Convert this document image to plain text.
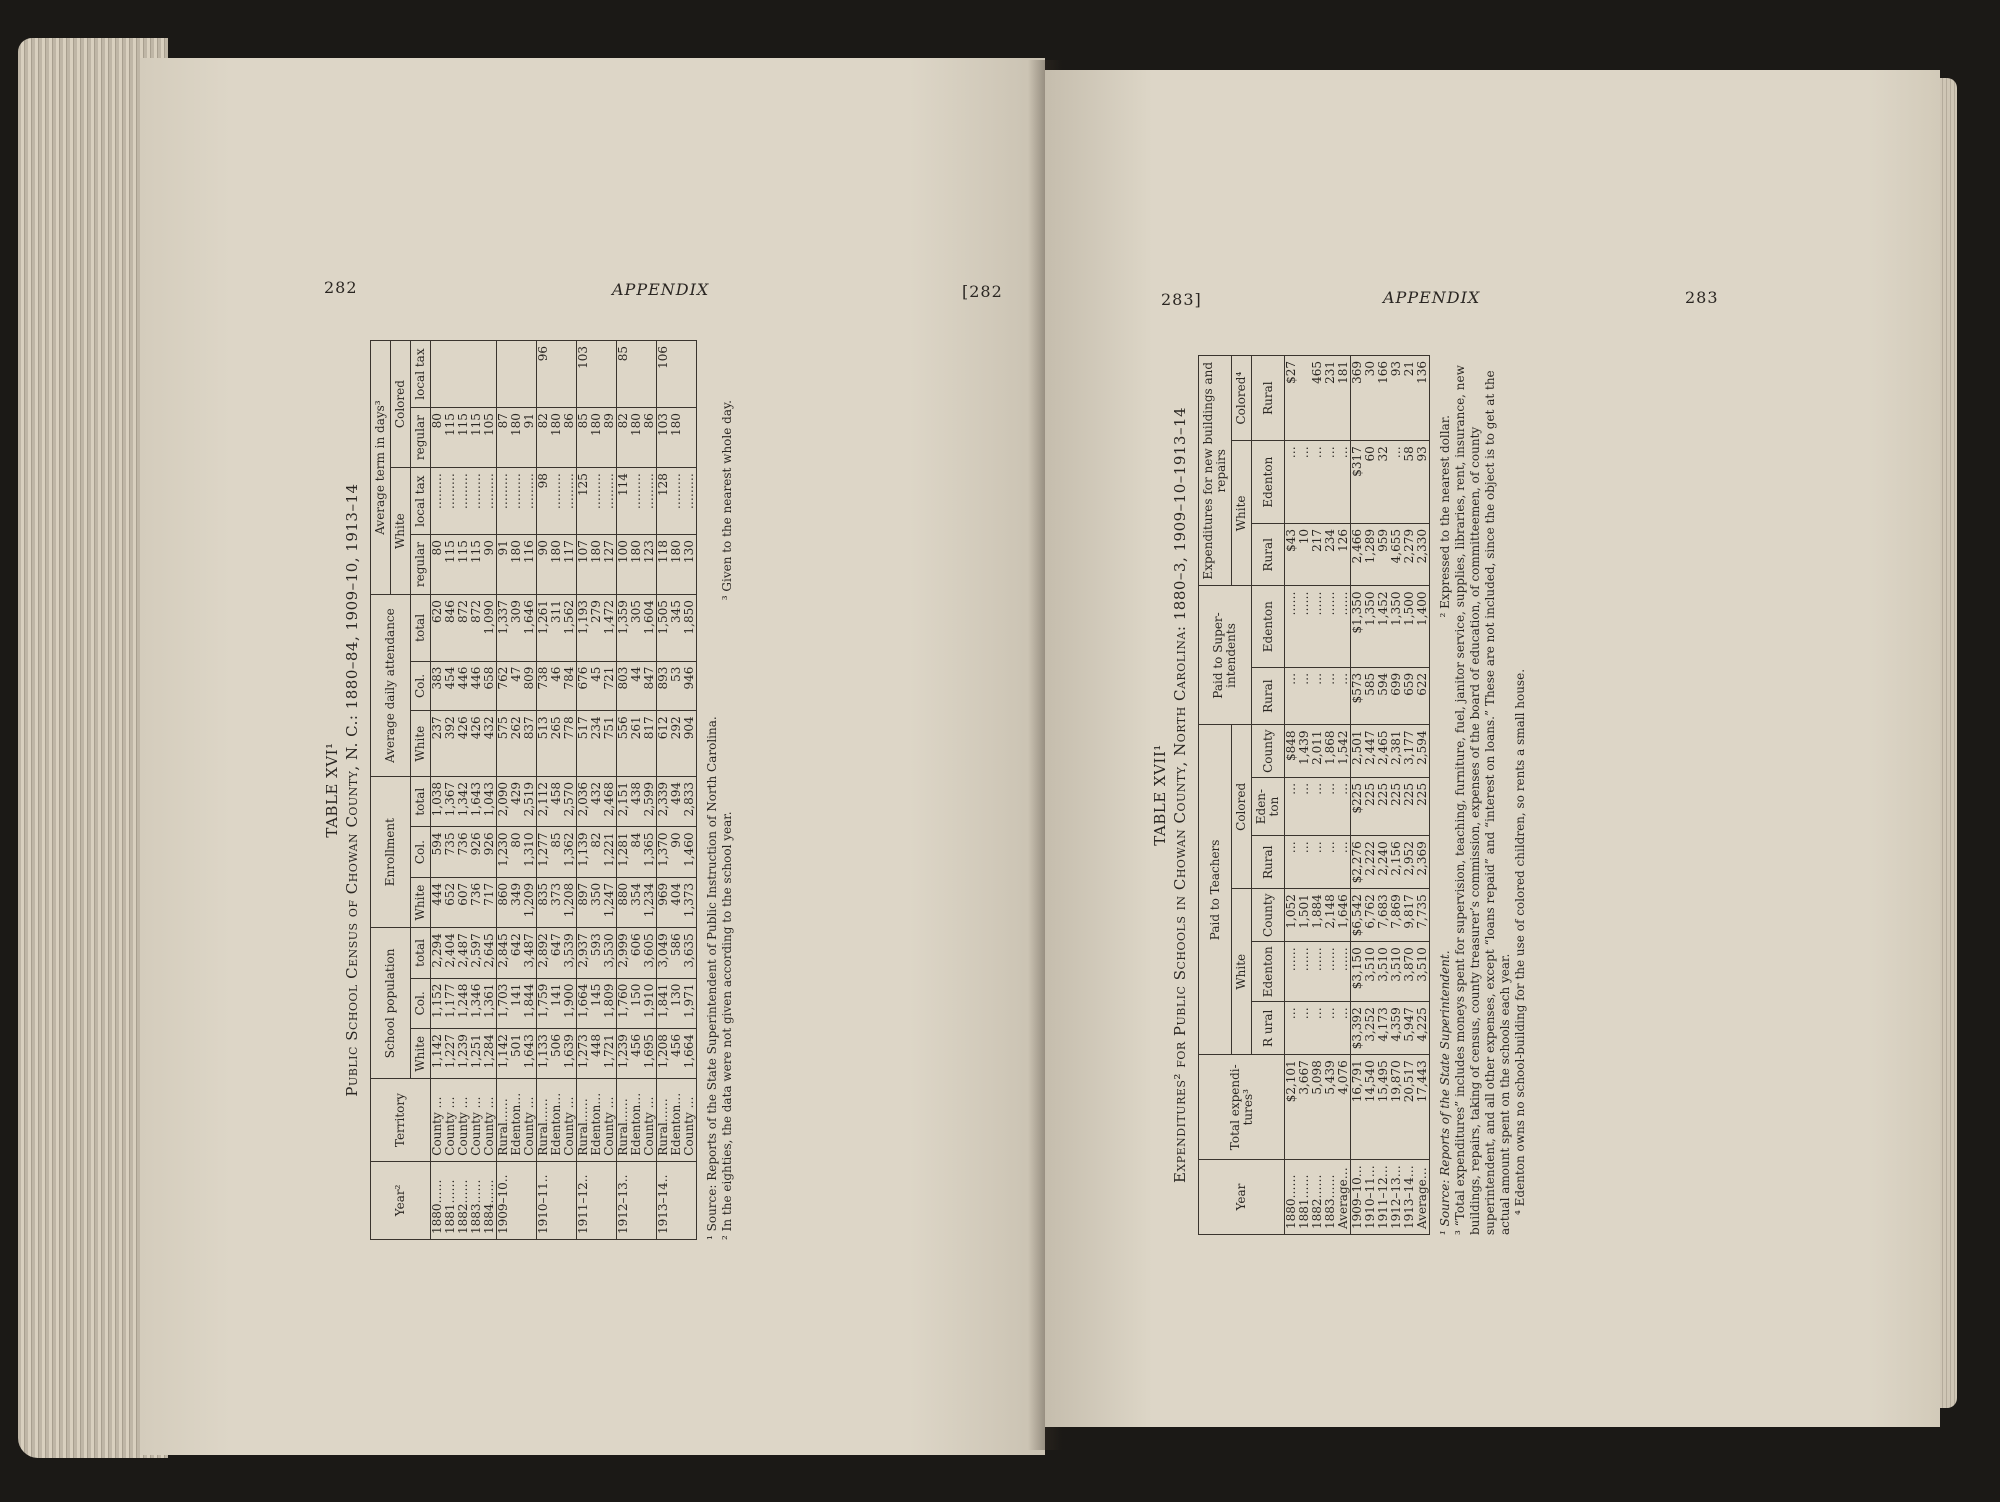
282	APPENDIX	[282
TABLE XVI¹ Public School Census of Chowan County, N. C.: 1880–84, 1909–10, 1913–14
Year²	Territory	School population			Enrollment			Average daily attendance			Average term in days³			
											White		Colored	
		White	Col.	total	White	Col.	total	White	Col.	total	regular	local tax	regular	local tax
1880……	County …	1,142	1,152	2,294	444	594	1,038	237	383	620	80	………	80	
1881……	County …	1,227	1,177	2,404	652	735	1,367	392	454	846	115	………	115	
1882……	County …	1,239	1,248	2,487	607	736	1,342	426	446	872	115	………	115	
1883……	County …	1,251	1,346	2,597	736	926	1,643	426	446	872	115	………	115	
1884……	County …	1,284	1,361	2,645	717	926	1,043	432	658	1,090	90	………	105	
1909–10..	Rural……	1,142	1,703	2,845	860	1,230	2,090	575	762	1,337	91	………	87	
	Edenton…	501	141	642	349	80	429	262	47	309	180	………	180	
	County …	1,643	1,844	3,487	1,209	1,310	2,519	837	809	1,646	116	………	91	
1910–11..	Rural……	1,133	1,759	2,892	835	1,277	2,112	513	738	1,261	90	98	82	96
	Edenton…	506	141	647	373	85	458	265	46	311	180	………	180	
	County …	1,639	1,900	3,539	1,208	1,362	2,570	778	784	1,562	117	………	86	
1911–12..	Rural……	1,273	1,664	2,937	897	1,139	2,036	517	676	1,193	107	125	85	103
	Edenton…	448	145	593	350	82	432	234	45	279	180	………	180	
	County …	1,721	1,809	3,530	1,247	1,221	2,468	751	721	1,472	127	………	89	
1912–13..	Rural……	1,239	1,760	2,999	880	1,281	2,151	556	803	1,359	100	114	82	85
	Edenton…	456	150	606	354	84	438	261	44	305	180	………	180	
	County …	1,695	1,910	3,605	1,234	1,365	2,599	817	847	1,604	123	………	86	
1913–14..	Rural……	1,208	1,841	3,049	969	1,370	2,339	612	893	1,505	118	128	103	106
	Edenton…	456	130	586	404	90	494	292	53	345	180	………	180	
	County …	1,664	1,971	3,635	1,373	1,460	2,833	904	946	1,850	130	………		

¹ Source: Reports of the State Superintendent of Public Instruction of North Carolina. ² In the eighties, the data were not given according to the school year.

³ Given to the nearest whole day.

283]	APPENDIX	283
TABLE XVII¹ Expenditures² for Public Schools in Chowan County, North Carolina: 1880–3, 1909–10–1913–14
Year	Total expendi- tures³	Paid to Teachers						Paid to Super- intendents		Expenditures for new buildings and repairs		
		White			Colored					White		Colored⁴
		R ural	Edenton	County	Rural	Eden- ton	County	Rural	Edenton	Rural	Edenton	Rural
1880……	$2,101	…	……	1,052	…	…	$848	…	……	$43	…	$27
1881……	3,667	…	……	1,501	…	…	1,439	…	……	10	…	
1882……	5,098	…	……	1,884	…	…	2,011	…	……	217	…	465
1883……	5,439	…	……	2,148	…	…	1,868	…	……	234	…	231
Average…	4,076	…	……	1,646	…	…	1,542	…	……	126	…	181
1909–10…	16,791	$3,392	$3,150	$6,542	$2,276	$225	2,501	$573	$1,350	2,466	$317	369
1910–11…	14,540	3,252	3,510	6,762	2,222	225	2,447	585	1,350	1,289	60	30
1911–12…	15,495	4,173	3,510	7,683	2,240	225	2,465	594	1,452	959	32	166
1912–13…	19,870	4,359	3,510	7,869	2,156	225	2,381	699	1,350	4,655	…	93
1913–14…	20,517	5,947	3,870	9,817	2,952	225	3,177	659	1,500	2,279	58	21
Average…	17,443	4,225	3,510	7,735	2,369	225	2,594	622	1,400	2,330	93	136

¹ Source: Reports of the State Superintendent.

² Expressed to the nearest dollar. ³ “Total expenditures” includes moneys spent for supervision, teaching, furniture, fuel, janitor service, supplies, libraries, rent, insurance, new buildings, repairs, taking of census, county treasurer’s commission, expenses of the board of education, of committeemen, of county superintendent, and all other expenses, except “loans repaid” and “interest on loans.” These are not included, since the object is to get at the actual amount spent on the schools each year. ⁴ Edenton owns no school-building for the use of colored children, so rents a small house.
